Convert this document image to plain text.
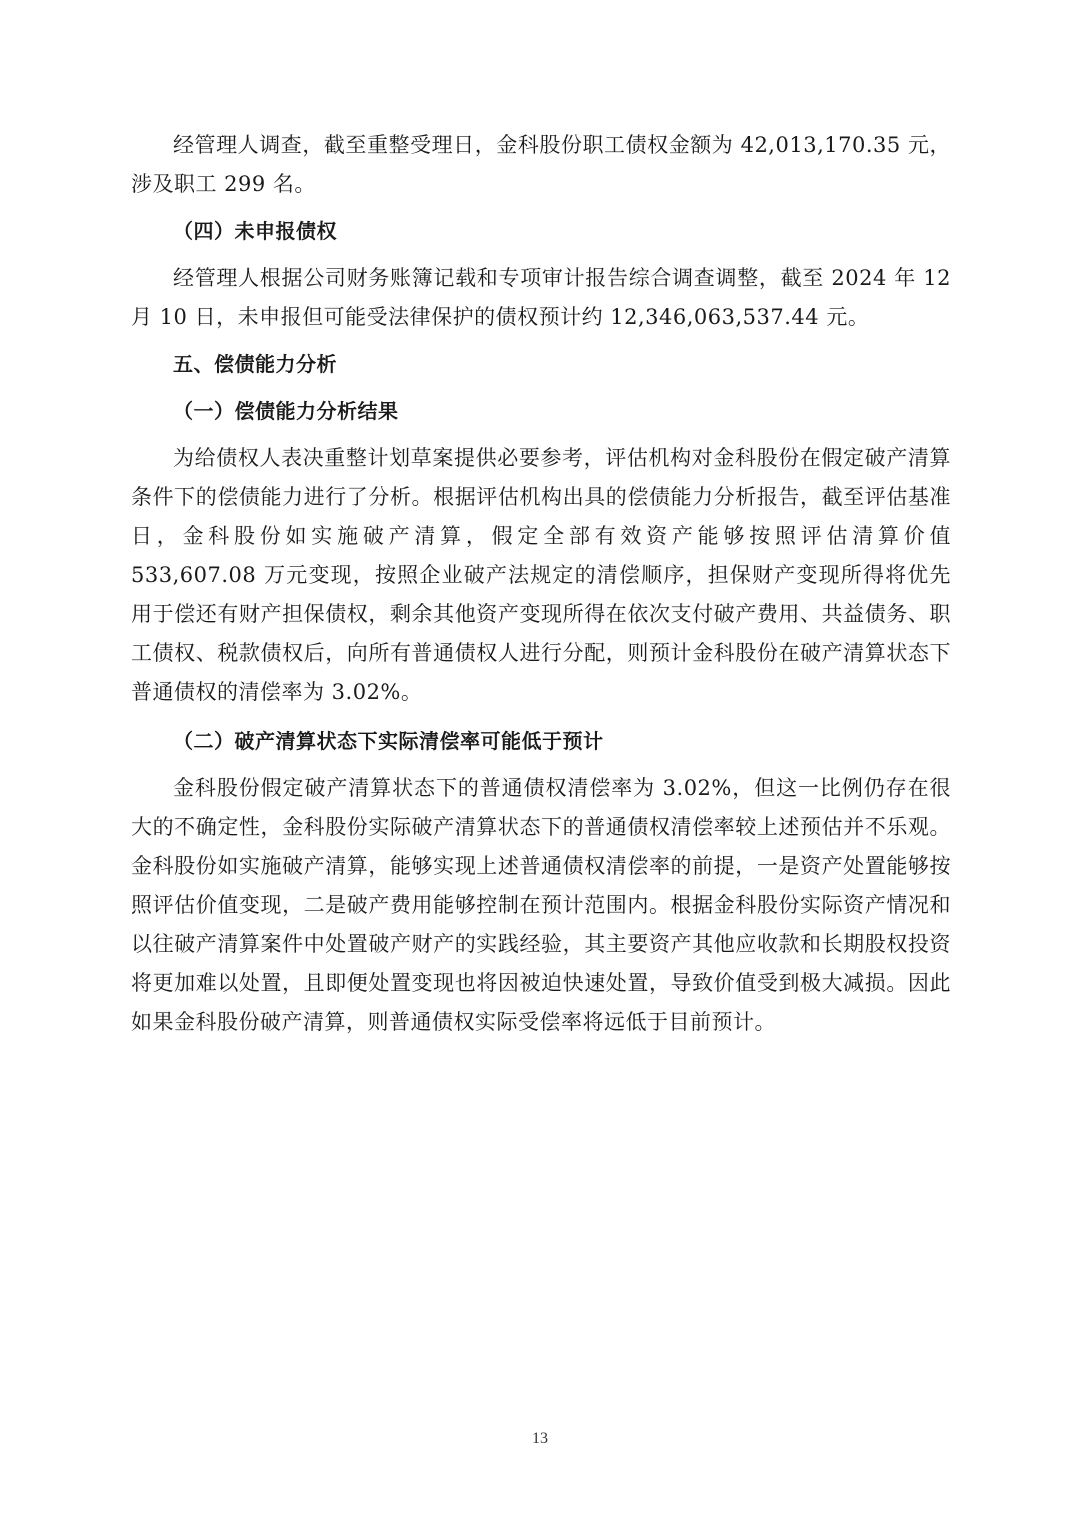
经管理人调查，截至重整受理日，金科股份职工债权金额为 42,013,170.35 元，涉及职工 299 名。

（四）未申报债权

经管理人根据公司财务账簿记载和专项审计报告综合调查调整，截至 2024 年 12 月 10 日，未申报但可能受法律保护的债权预计约 12,346,063,537.44 元。

五、偿债能力分析
（一）偿债能力分析结果

为给债权人表决重整计划草案提供必要参考，评估机构对金科股份在假定破产清算条件下的偿债能力进行了分析。根据评估机构出具的偿债能力分析报告，截至评估基准日，金科股份如实施破产清算，假定全部有效资产能够按照评估清算价值 533,607.08 万元变现，按照企业破产法规定的清偿顺序，担保财产变现所得将优先用于偿还有财产担保债权，剩余其他资产变现所得在依次支付破产费用、共益债务、职工债权、税款债权后，向所有普通债权人进行分配，则预计金科股份在破产清算状态下普通债权的清偿率为 3.02%。

（二）破产清算状态下实际清偿率可能低于预计

金科股份假定破产清算状态下的普通债权清偿率为 3.02%，但这一比例仍存在很大的不确定性，金科股份实际破产清算状态下的普通债权清偿率较上述预估并不乐观。金科股份如实施破产清算，能够实现上述普通债权清偿率的前提，一是资产处置能够按照评估价值变现，二是破产费用能够控制在预计范围内。根据金科股份实际资产情况和以往破产清算案件中处置破产财产的实践经验，其主要资产其他应收款和长期股权投资将更加难以处置，且即便处置变现也将因被迫快速处置，导致价值受到极大减损。因此如果金科股份破产清算，则普通债权实际受偿率将远低于目前预计。

13
